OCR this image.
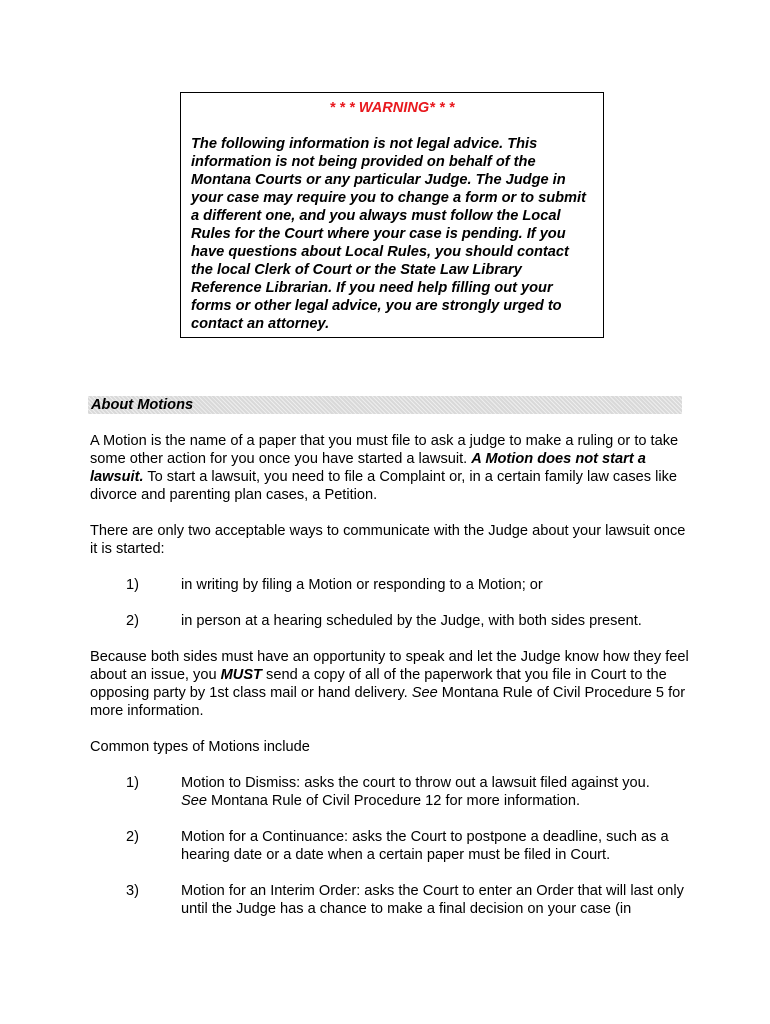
* * * WARNING* * *

The following information is not legal advice. This information is not being provided on behalf of the Montana Courts or any particular Judge. The Judge in your case may require you to change a form or to submit a different one, and you always must follow the Local Rules for the Court where your case is pending. If you have questions about Local Rules, you should contact the local Clerk of Court or the State Law Library Reference Librarian. If you need help filling out your forms or other legal advice, you are strongly urged to contact an attorney.

About Motions

A Motion is the name of a paper that you must file to ask a judge to make a ruling or to take some other action for you once you have started a lawsuit. A Motion does not start a lawsuit. To start a lawsuit, you need to file a Complaint or, in a certain family law cases like divorce and parenting plan cases, a Petition.

There are only two acceptable ways to communicate with the Judge about your lawsuit once it is started:

1)	in writing by filing a Motion or responding to a Motion; or
2)	in person at a hearing scheduled by the Judge, with both sides present.

Because both sides must have an opportunity to speak and let the Judge know how they feel about an issue, you MUST send a copy of all of the paperwork that you file in Court to the opposing party by 1st class mail or hand delivery. See Montana Rule of Civil Procedure 5 for more information.

Common types of Motions include

1)	Motion to Dismiss: asks the court to throw out a lawsuit filed against you.
See Montana Rule of Civil Procedure 12 for more information.
2)	Motion for a Continuance: asks the Court to postpone a deadline, such as a hearing date or a date when a certain paper must be filed in Court.
3)	Motion for an Interim Order: asks the Court to enter an Order that will last only until the Judge has a chance to make a final decision on your case (in
